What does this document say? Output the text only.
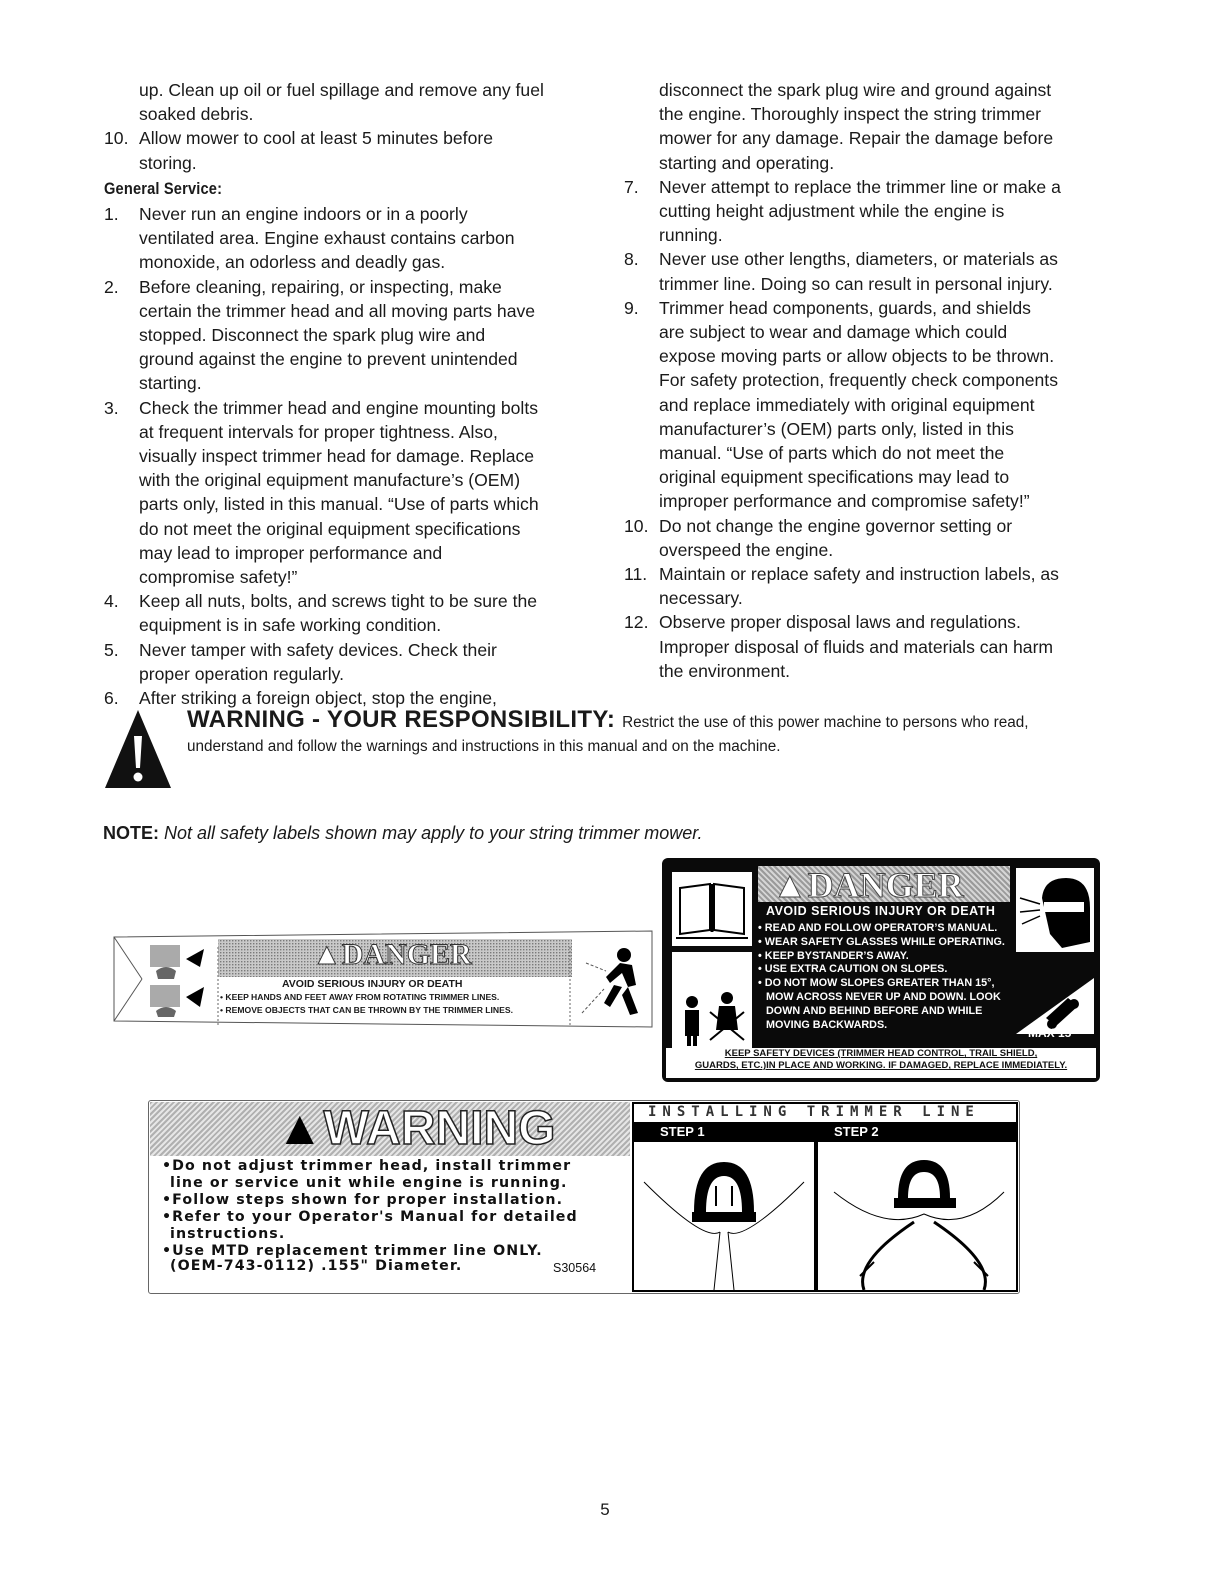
up. Clean up oil or fuel spillage and remove any fuel
soaked debris.
10. Allow mower to cool at least 5 minutes before
storing.
General Service:
1.	Never run an engine indoors or in a poorly
ventilated area. Engine exhaust contains carbon
monoxide, an odorless and deadly gas.
2.	Before cleaning, repairing, or inspecting, make
certain the trimmer head and all moving parts have
stopped. Disconnect the spark plug wire and
ground against the engine to prevent unintended
starting.
3.	Check the trimmer head and engine mounting bolts
at frequent intervals for proper tightness. Also,
visually inspect trimmer head for damage. Replace
with the original equipment manufacture’s (OEM)
parts only, listed in this manual. “Use of parts which
do not meet the original equipment specifications
may lead to improper performance and
compromise safety!”
4.	Keep all nuts, bolts, and screws tight to be sure the
equipment is in safe working condition.
5.	Never tamper with safety devices. Check their
proper operation regularly.
6.	After striking a foreign object, stop the engine,
disconnect the spark plug wire and ground against
the engine. Thoroughly inspect the string trimmer
mower for any damage. Repair the damage before
starting and operating.
7.	Never attempt to replace the trimmer line or make a
cutting height adjustment while the engine is
running.
8.	Never use other lengths, diameters, or materials as
trimmer line. Doing so can result in personal injury.
9.	Trimmer head components, guards, and shields
are subject to wear and damage which could
expose moving parts or allow objects to be thrown.
For safety protection, frequently check components
and replace immediately with original equipment
manufacturer’s (OEM) parts only, listed in this
manual. “Use of parts which do not meet the
original equipment specifications may lead to
improper performance and compromise safety!”
10. Do not change the engine governor setting or
overspeed the engine.
11. Maintain or replace safety and instruction labels, as
necessary.
12. Observe proper disposal laws and regulations.
Improper disposal of fluids and materials can harm
the environment.
WARNING - YOUR RESPONSIBILITY: Restrict the use of this power machine to persons who read,
understand and follow the warnings and instructions in this manual and on the machine.
NOTE: Not all safety labels shown may apply to your string trimmer mower.
▲DANGER
AVOID SERIOUS INJURY OR DEATH
• KEEP HANDS AND FEET AWAY FROM ROTATING TRIMMER LINES.
• REMOVE OBJECTS THAT CAN BE THROWN BY THE TRIMMER LINES.
▲DANGER
AVOID SERIOUS INJURY OR DEATH
• READ AND FOLLOW OPERATOR’S MANUAL.
• WEAR SAFETY GLASSES WHILE OPERATING.
• KEEP BYSTANDER’S AWAY.
• USE EXTRA CAUTION ON SLOPES.
• DO NOT MOW SLOPES GREATER THAN 15°,
MOW ACROSS NEVER UP AND DOWN. LOOK
DOWN AND BEHIND BEFORE AND WHILE
MOVING BACKWARDS.
MAX 15°
KEEP SAFETY DEVICES (TRIMMER HEAD CONTROL, TRAIL SHIELD,
GUARDS, ETC.)IN PLACE AND WORKING. IF DAMAGED, REPLACE IMMEDIATELY.
▲WARNING
•Do not adjust trimmer head, install trimmer
line or service unit while engine is running.
•Follow steps shown for proper installation.
•Refer to your Operator's Manual for detailed
instructions.
•Use MTD replacement trimmer line ONLY.
(OEM-743-0112) .155" Diameter.	S30564
INSTALLING TRIMMER LINE
STEP 1	STEP 2
5
